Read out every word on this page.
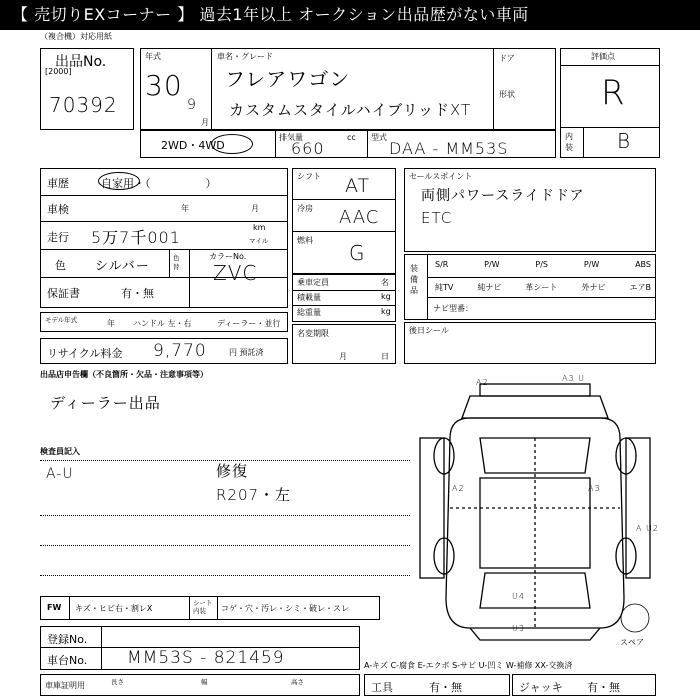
【 売切りEXコーナー 】 過去1年以上 オークション出品歴がない車両
（複合機）対応用紙
出品No.
[2000]
70392
年式
30
9
月
車名・グレード
フレアワゴン
カスタムスタイルハイブリッドXT
ドア
形状
評価点
R
内装 B
2WD・4WD
排気量
660
cc 型式
DAA - MM53S
車歴	自家用・（　　　　　）
車検	年	月
走行 5万7千001
km
マイル
色 シルバー
色替
カラーNo.
ZVC
保証書	有・無
モデル年式	年 ハンドル 左・右	ディーラー・並行
リサイクル料金 9,770	円 預託済
シフト AT
冷房 AAC
燃料
G
乗車定員	名
積載量	kg
総重量	kg
名変期限
月	日
セールスポイント
両側パワースライドドア
ETC
装備品
S/R	P/W	P/S	P/W	ABS
純TV	純ナビ	革シート	外ナビ	エアB
ナビ型番：
後日シール
出品店申告欄（不良箇所・欠品・注意事項等）
ディーラー出品
検査員記入
A-U	修復
R207・左
A2	A3 U
A2	A3
A U2
U4
U3
スペア
FW キズ・ヒビ右・割レX
シート内装	コゲ・穴・汚レ・シミ・破レ・スレ
登録No.
車台No. MM53S - 821459
車庫証明用	長さ	幅	高さ
A-キズ C-腐食 E-エクボ S-サビ U-凹ミ W-補修 XX-交換済
工具	有・無	ジャッキ 有・無
